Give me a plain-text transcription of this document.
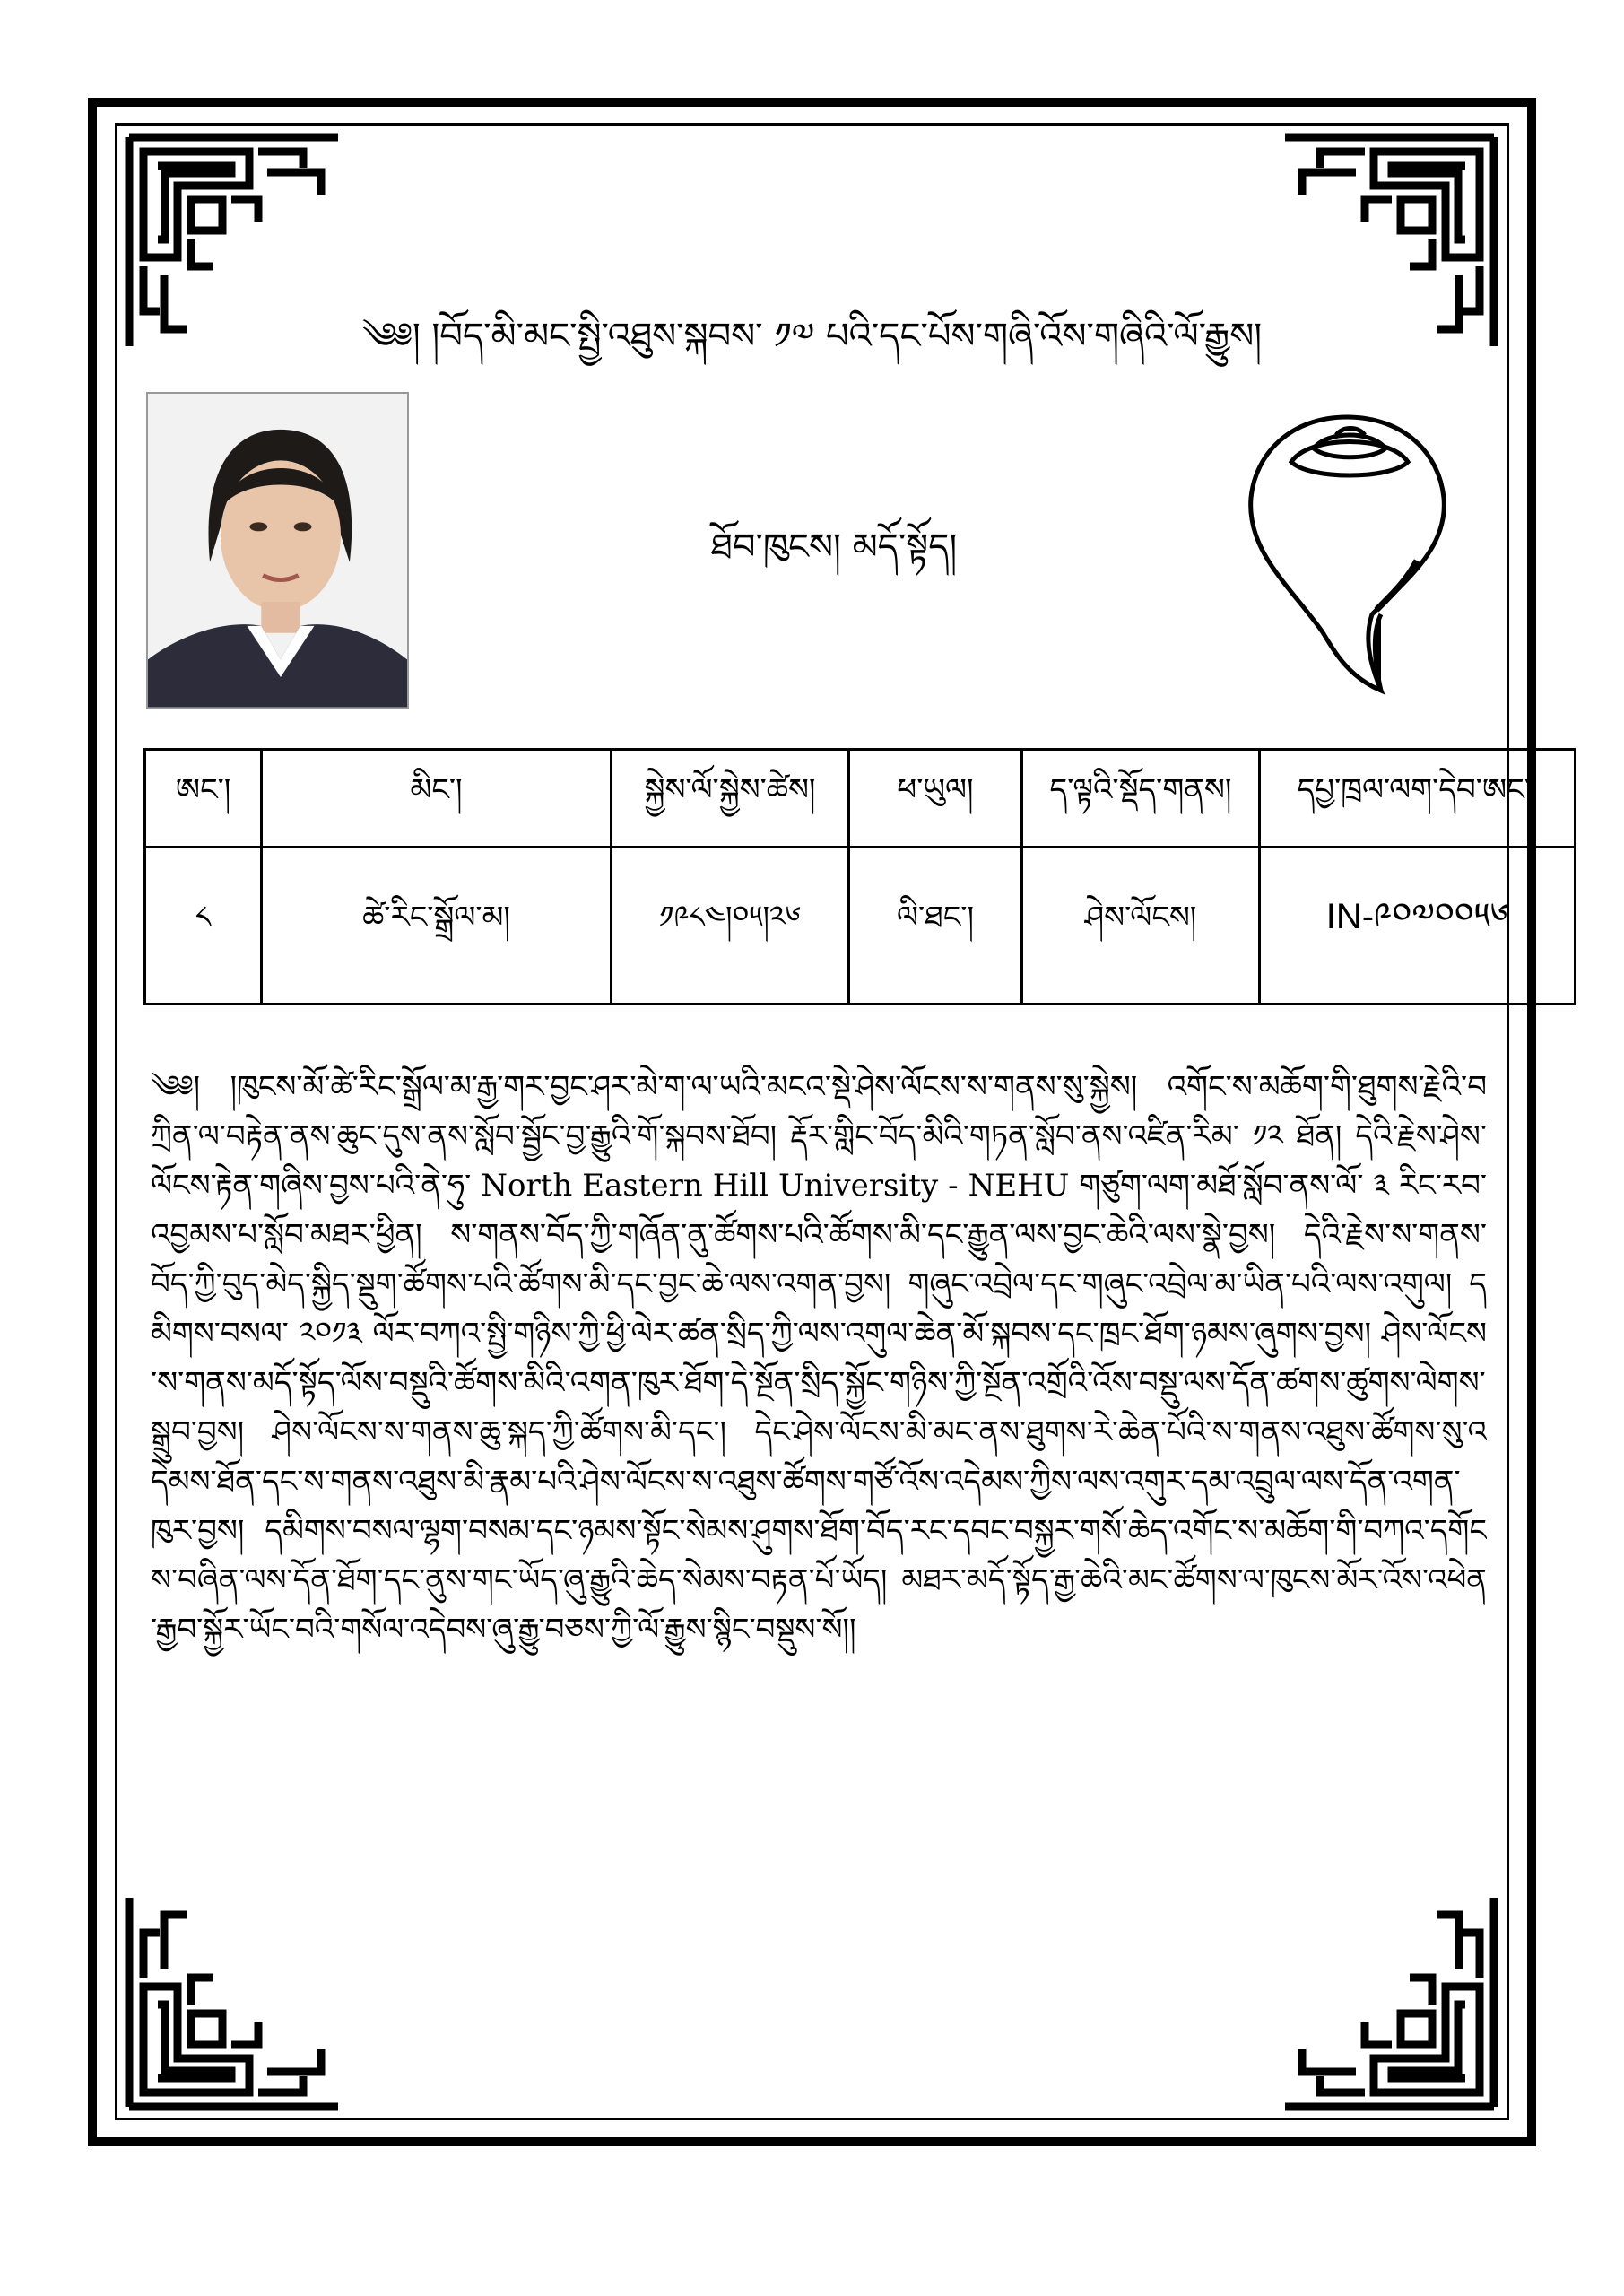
༄༅། །བོད་མི་མང་སྤྱི་འཐུས་སྐབས་ ༡༧ པའི་དང་པོས་གཞི་འོས་གཞིའི་ལོ་རྒྱུས།
ཐོབ་ཁུངས། མདོ་སྟོད།
ཨང་།	མིང་།	སྐྱེས་ལོ་སྐྱེས་ཚེས།	ཕ་ཡུལ།	ད་ལྟའི་སྡོད་གནས།	དཔྱ་ཁྲལ་ལག་དེབ་ཨང་།
༨	ཚེ་རིང་སྒྲོལ་མ།	༡༩༨༤།༠༥།༢༦	ལི་ཐང་།	ཤེས་ལོངས།	IN-༩༠༧༠༠༥༦
༄༅། །ཁུངས་མོ་ཚེ་རིང་སྒྲོལ་མ་རྒྱ་གར་བྱང་ཤར་མེ་ག་ལ་ཡའི་མངའ་སྡེ་ཤེས་ལོངས་ས་གནས་སུ་སྐྱེས། འགོང་ས་མཆོག་གི་ཐུགས་རྗེའི་བཀྲིན་ལ་བརྟེན་ནས་ཆུང་དུས་ནས་སློབ་སྦྱོང་བྱ་རྒྱུའི་གོ་སྐབས་ཐོབ། རྡོར་གླིང་བོད་མིའི་གཏན་སློབ་ནས་འཛིན་རིམ་ ༡༢ ཐོན། དེའི་རྗེས་ཤེས་ལོངས་རྟེན་གཞིས་བྱས་པའི་ནེ་ཧུ་ North Eastern Hill University - NEHU གཙུག་ལག་མཐོ་སློབ་ནས་ལོ་ ༣ རིང་རབ་འབྱམས་པ་སློབ་མཐར་ཕྱིན། ས་གནས་བོད་ཀྱི་གཞོན་ནུ་ཚོགས་པའི་ཚོགས་མི་དང་རྒྱུན་ལས་བྱང་ཆེའི་ལས་སྣེ་བྱས། དེའི་རྗེས་ས་གནས་བོད་ཀྱི་བུད་མེད་སྐྱིད་སྡུག་ཚོགས་པའི་ཚོགས་མི་དང་བྱང་ཆེ་ལས་འགན་བྱས། གཞུང་འབྲེལ་དང་གཞུང་འབྲེལ་མ་ཡིན་པའི་ལས་འགུལ། དམིགས་བསལ་ ༢༠༡༣ ལོར་བཀའ་སྤྱི་གཉིས་ཀྱི་ཕྱི་ལེར་ཚན་སྲིད་ཀྱི་ལས་འགུལ་ཆེན་མོ་སྐབས་དང་ཁྲང་ཐོག་ཉམས་ཞུགས་བྱས། ཤེས་ལོངས་ས་གནས་མདོ་སྟོད་ལོས་བསྡུའི་ཚོགས་མིའི་འགན་ཁུར་ཐོག་དེ་སྔོན་སྲིད་སྐྱོང་གཉིས་ཀྱི་སྔོན་འགྲོའི་འོས་བསྡུ་ལས་དོན་ཚགས་ཚུགས་ལེགས་སྒྲུབ་བྱས། ཤེས་ལོངས་ས་གནས་ཆུ་སྐད་ཀྱི་ཚོགས་མི་དང་། དེང་ཤེས་ལོངས་མི་མང་ནས་ཐུགས་རེ་ཆེན་པོའི་ས་གནས་འཐུས་ཚོགས་སུ་འདེམས་ཐོན་དང་ས་གནས་འཐུས་མི་རྣམ་པའི་ཤེས་ལོངས་ས་འཐུས་ཚོགས་གཙོ་འོས་འདེམས་ཀྱིས་ལས་འགུར་དམ་འབྲུལ་ལས་དོན་འགན་ཁུར་བྱས། དམིགས་བསལ་ལྷག་བསམ་དང་ཉམས་སྟོང་སེམས་ཤུགས་ཐོག་བོད་རང་དབང་བསྐྱར་གསོ་ཆེད་འགོང་ས་མཆོག་གི་བཀའ་དགོངས་བཞིན་ལས་དོན་ཐོག་དང་ནུས་གང་ཡོད་ཞུ་རྒྱུའི་ཆེད་སེམས་བརྟན་པོ་ཡོད། མཐར་མདོ་སྟོད་རྒྱ་ཆེའི་མང་ཚོགས་ལ་ཁུངས་མོར་འོས་འཕེན་རྒྱབ་སྐྱོར་ཡོང་བའི་གསོལ་འདེབས་ཞུ་རྒྱུ་བཅས་ཀྱི་ལོ་རྒྱུས་སྙིང་བསྡུས་སོ།།
